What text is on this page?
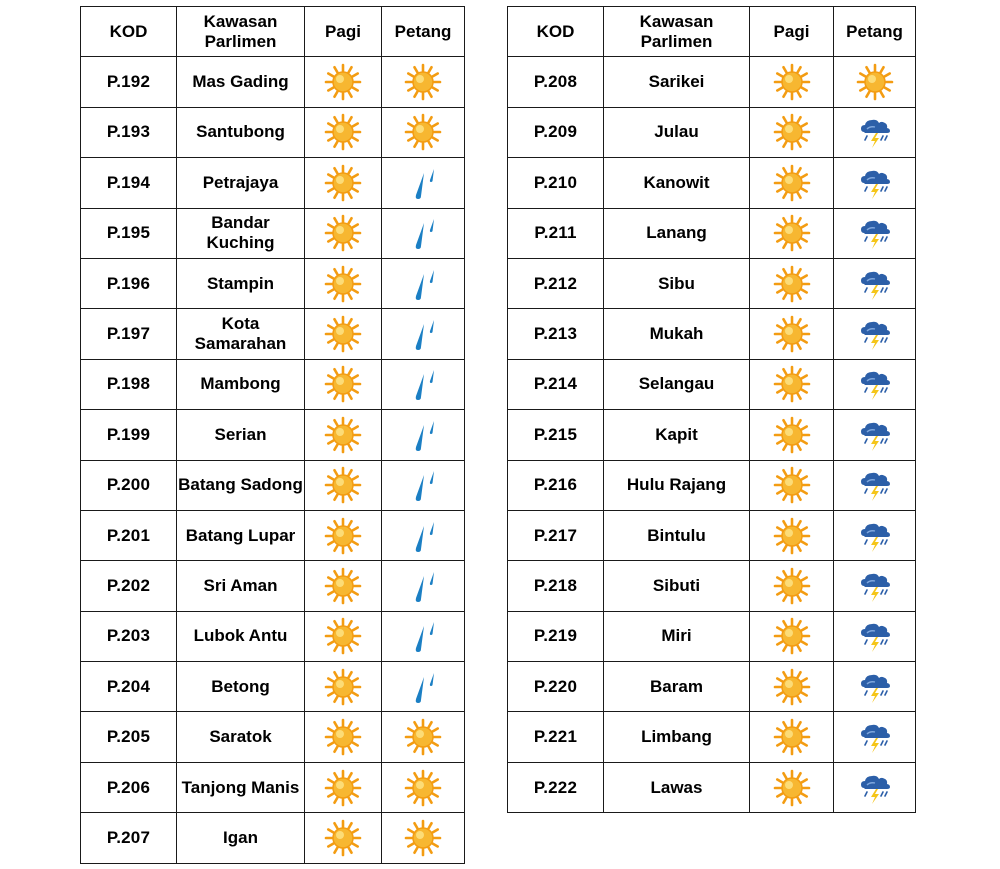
KOD	Kawasan Parlimen	Pagi	Petang
P.192	Mas Gading	

P.193	Santubong	

P.194	Petrajaya	

P.195	Bandar Kuching	

P.196	Stampin	

P.197	Kota Samarahan	

P.198	Mambong	

P.199	Serian	

P.200	Batang Sadong	

P.201	Batang Lupar	

P.202	Sri Aman	

P.203	Lubok Antu	

P.204	Betong	

P.205	Saratok	

P.206	Tanjong Manis	

P.207	Igan	

KOD	Kawasan Parlimen	Pagi	Petang
P.208	Sarikei	

P.209	Julau	

P.210	Kanowit	

P.211	Lanang	

P.212	Sibu	

P.213	Mukah	

P.214	Selangau	

P.215	Kapit	

P.216	Hulu Rajang	

P.217	Bintulu	

P.218	Sibuti	

P.219	Miri	

P.220	Baram	

P.221	Limbang	

P.222	Lawas	
